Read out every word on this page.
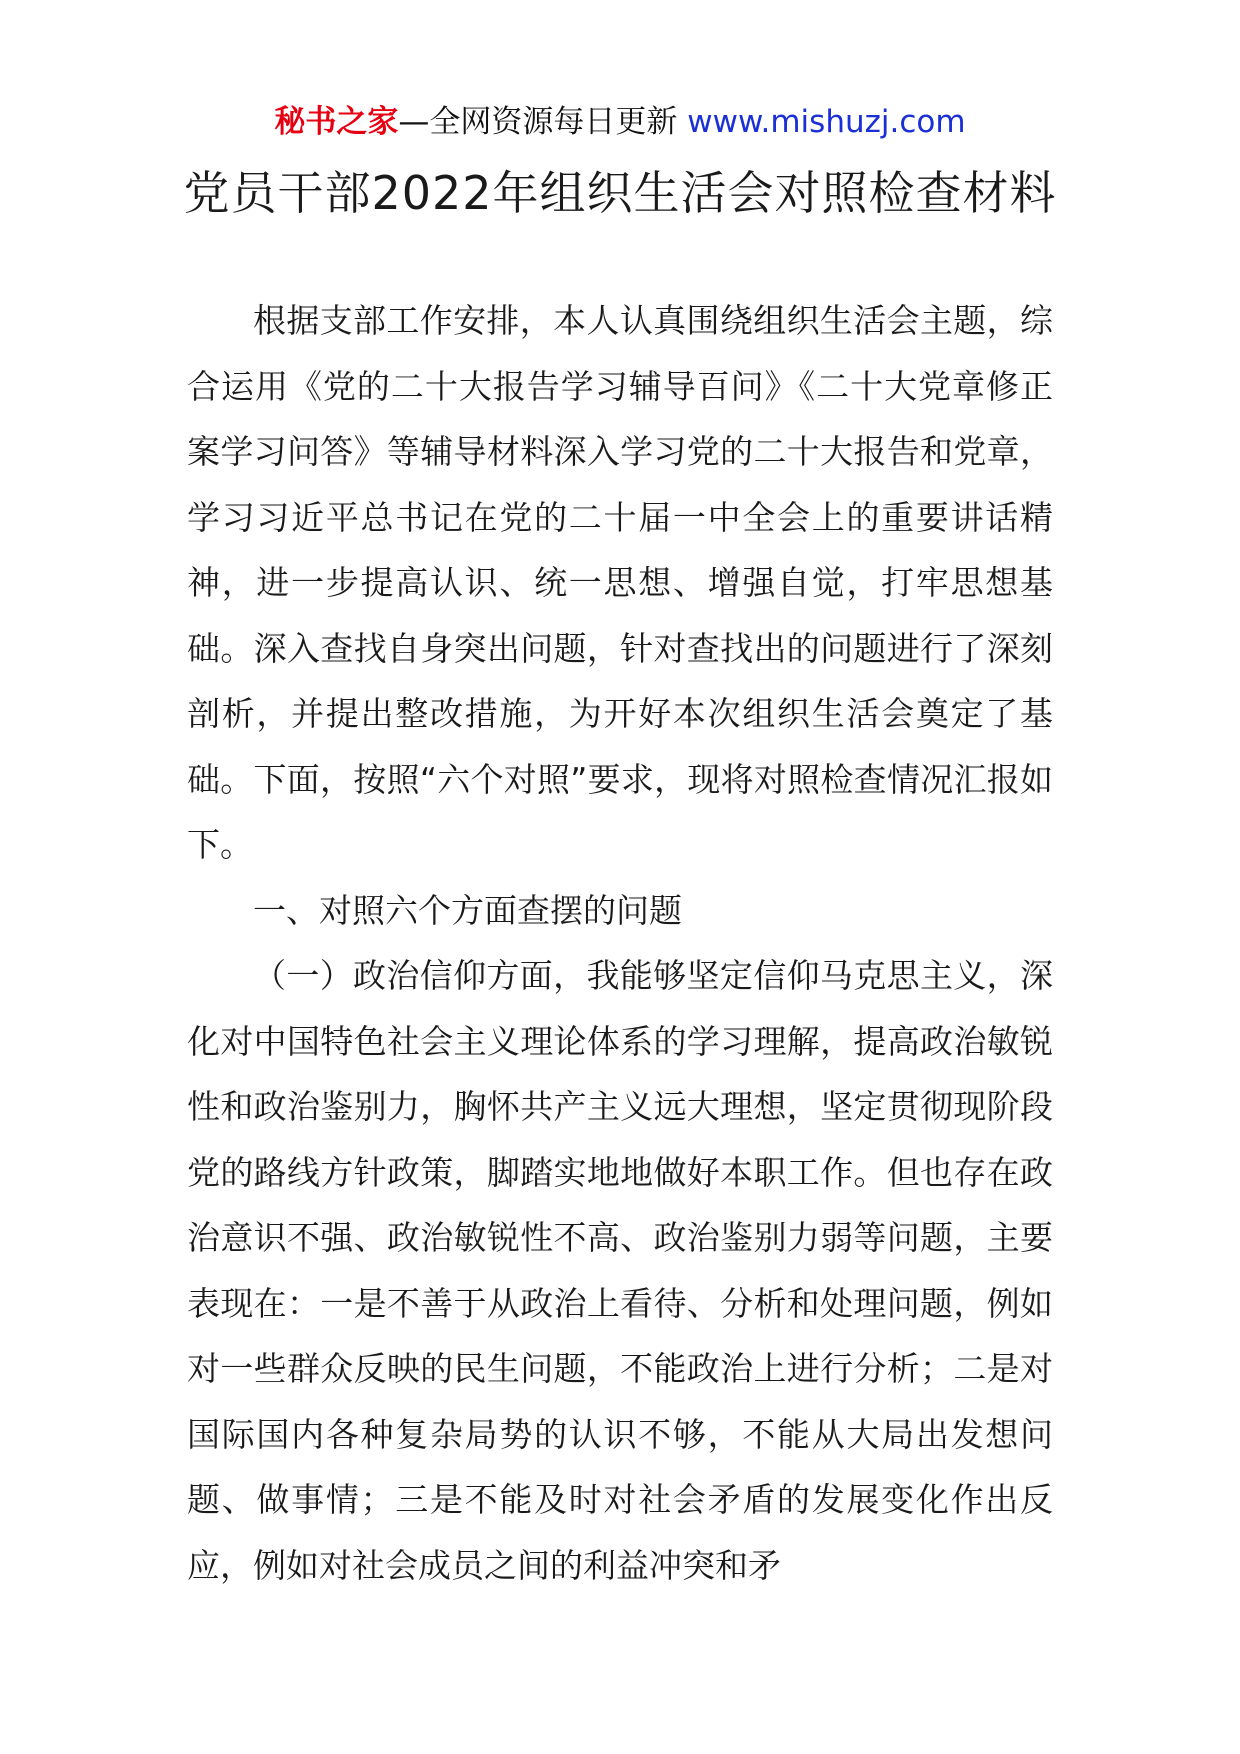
秘书之家—全网资源每日更新 www.mishuzj.com
党员干部2022年组织生活会对照检查材料

根据支部工作安排，本人认真围绕组织生活会主题，综合运用《党的二十大报告学习辅导百问》《二十大党章修正案学习问答》等辅导材料深入学习党的二十大报告和党章，学习习近平总书记在党的二十届一中全会上的重要讲话精神，进一步提高认识、统一思想、增强自觉，打牢思想基础。深入查找自身突出问题，针对查找出的问题进行了深刻剖析，并提出整改措施，为开好本次组织生活会奠定了基础。下面，按照“六个对照”要求，现将对照检查情况汇报如下。

一、对照六个方面查摆的问题

（一）政治信仰方面，我能够坚定信仰马克思主义，深化对中国特色社会主义理论体系的学习理解，提高政治敏锐性和政治鉴别力，胸怀共产主义远大理想，坚定贯彻现阶段党的路线方针政策，脚踏实地地做好本职工作。但也存在政治意识不强、政治敏锐性不高、政治鉴别力弱等问题，主要表现在：一是不善于从政治上看待、分析和处理问题，例如对一些群众反映的民生问题，不能政治上进行分析；二是对国际国内各种复杂局势的认识不够，不能从大局出发想问题、做事情；三是不能及时对社会矛盾的发展变化作出反应，例如对社会成员之间的利益冲突和矛
